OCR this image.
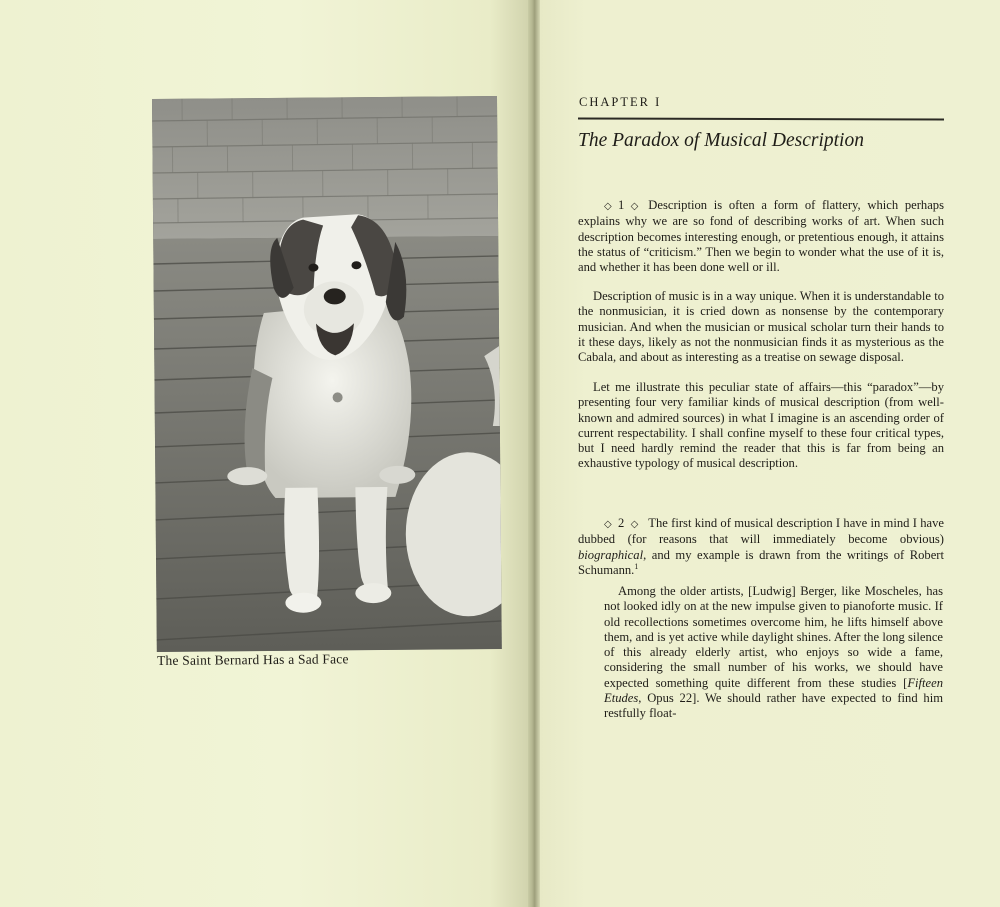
The Saint Bernard Has a Sad Face
CHAPTER I
The Paradox of Musical Description

◇ 1 ◇ Description is often a form of flattery, which perhaps explains why we are so fond of describing works of art. When such description becomes interesting enough, or pretentious enough, it attains the status of “criticism.” Then we begin to wonder what the use of it is, and whether it has been done well or ill.

Description of music is in a way unique. When it is understandable to the nonmusician, it is cried down as nonsense by the contemporary musician. And when the musician or musical scholar turn their hands to it these days, likely as not the nonmusician finds it as mysterious as the Cabala, and about as interesting as a treatise on sewage disposal.

Let me illustrate this peculiar state of affairs—this “paradox”—by presenting four very familiar kinds of musical description (from well-known and admired sources) in what I imagine is an ascending order of current respectability. I shall confine myself to these four critical types, but I need hardly remind the reader that this is far from being an exhaustive typology of musical description.

◇ 2 ◇ The first kind of musical description I have in mind I have dubbed (for reasons that will immediately become obvious) biographical, and my example is drawn from the writings of Robert Schumann.$^1$

Among the older artists, [Ludwig] Berger, like Moscheles, has not looked idly on at the new impulse given to pianoforte music. If old recollections sometimes overcome him, he lifts himself above them, and is yet active while daylight shines. After the long silence of this already elderly artist, who enjoys so wide a fame, considering the small number of his works, we should have expected something quite different from these studies [Fifteen Etudes, Opus 22]. We should rather have expected to find him restfully float-
